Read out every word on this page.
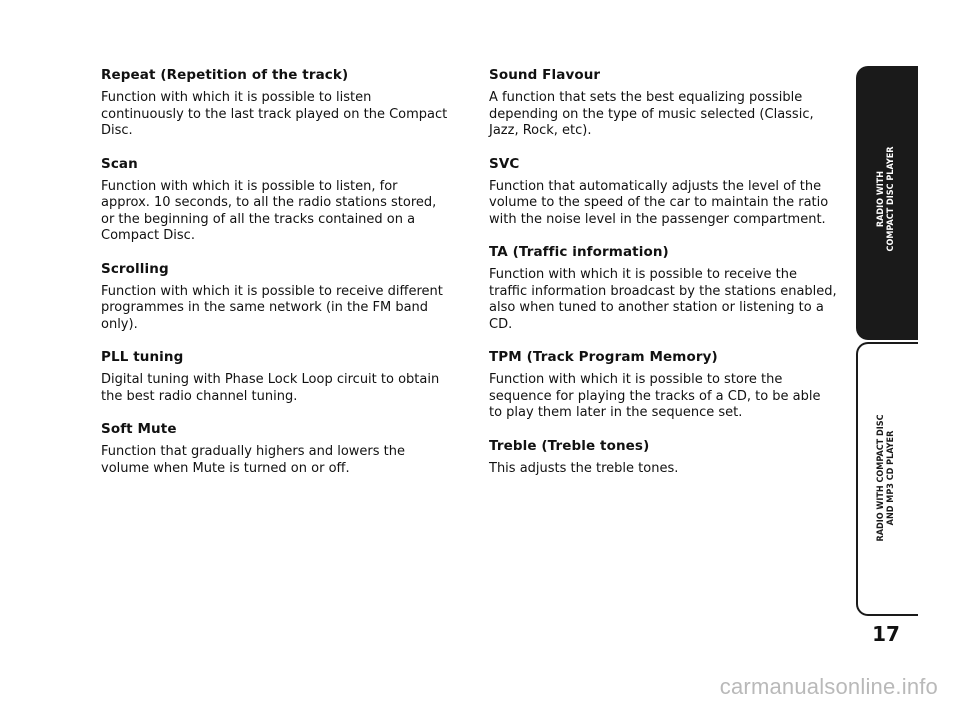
Repeat (Repetition of the track)

Function with which it is possible to listen continuously to the last track played on the Compact Disc.

Scan

Function with which it is possible to listen, for approx. 10 seconds, to all the radio stations stored, or the beginning of all the tracks contained on a Compact Disc.

Scrolling

Function with which it is possible to receive different programmes in the same network (in the FM band only).

PLL tuning

Digital tuning with Phase Lock Loop circuit to obtain the best radio channel tuning.

Soft Mute

Function that gradually highers and lowers the volume when Mute is turned on or off.

Sound Flavour

A function that sets the best equalizing possible depending on the type of music selected (Classic, Jazz, Rock, etc).

SVC

Function that automatically adjusts the level of the volume to the speed of the car to maintain the ratio with the noise level in the passenger compartment.

TA (Traffic information)

Function with which it is possible to receive the traffic information broadcast by the stations enabled, also when tuned to another station or listening to a CD.

TPM (Track Program Memory)

Function with which it is possible to store the sequence for playing the tracks of a CD, to be able to play them later in the sequence set.

Treble (Treble tones)

This adjusts the treble tones.

RADIO WITH COMPACT DISC PLAYER
RADIO WITH COMPACT DISC AND MP3 CD PLAYER
17
carmanualsonline.info
